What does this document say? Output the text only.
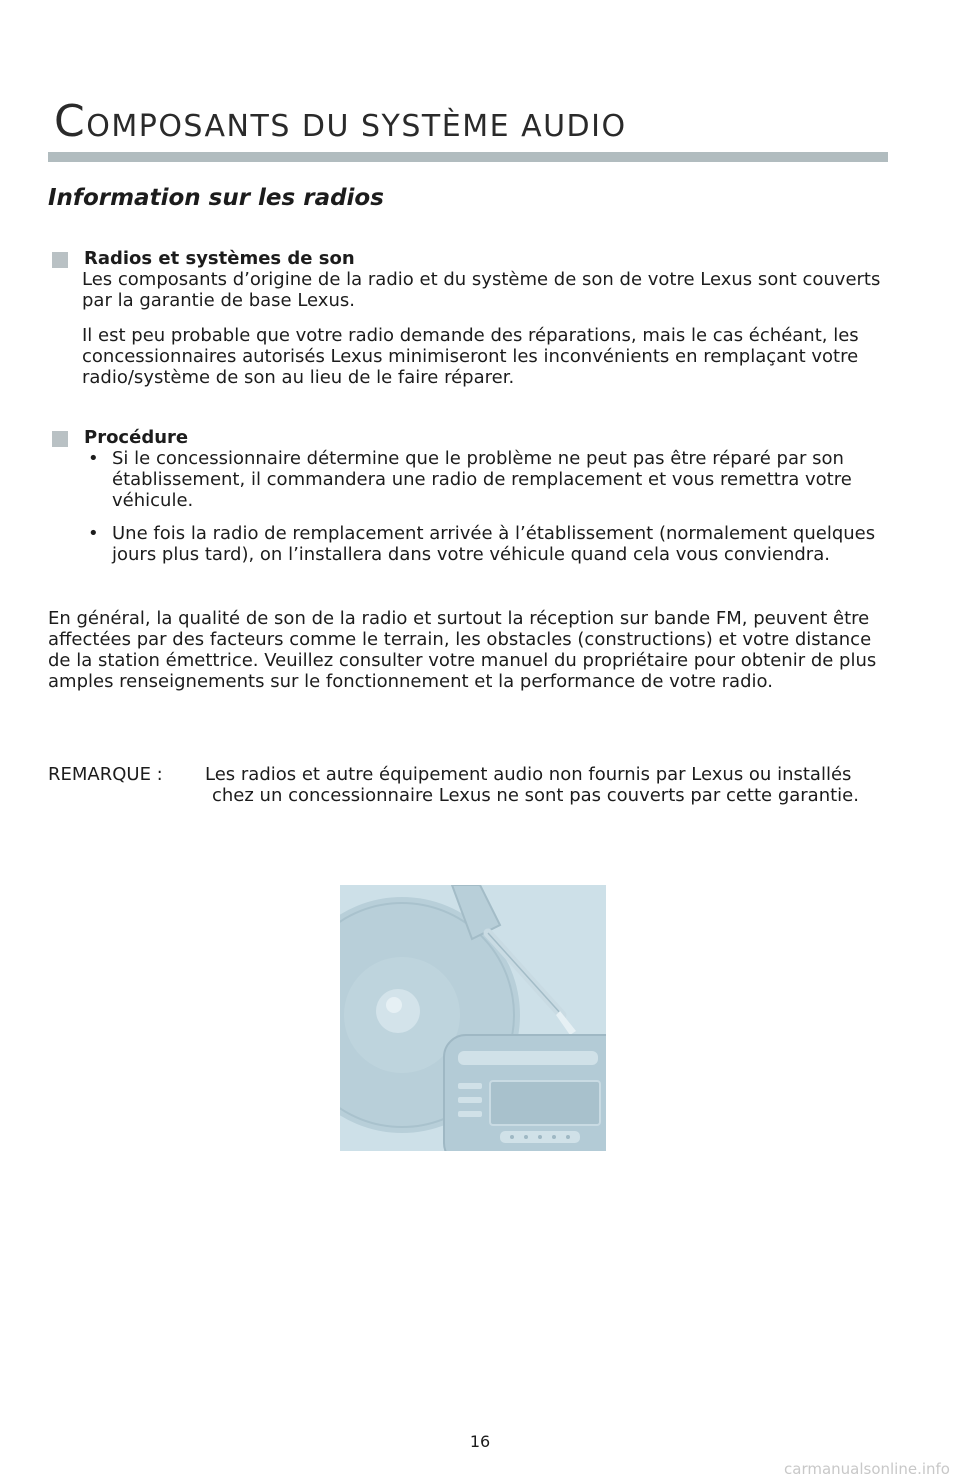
COMPOSANTS DU SYSTÈME AUDIO
Information sur les radios
Radios et systèmes de son

Les composants d’origine de la radio et du système de son de votre Lexus sont couverts par la garantie de base Lexus.

Il est peu probable que votre radio demande des réparations, mais le cas échéant, les concessionnaires autorisés Lexus minimiseront les inconvénients en remplaçant votre radio/système de son au lieu de le faire réparer.

Procédure
• Si le concessionnaire détermine que le problème ne peut pas être réparé par son établissement, il commandera une radio de remplacement et vous remettra votre véhicule.
• Une fois la radio de remplacement arrivée à l’établissement (normalement quelques jours plus tard), on l’installera dans votre véhicule quand cela vous conviendra.

En général, la qualité de son de la radio et surtout la réception sur bande FM, peuvent être affectées par des facteurs comme le terrain, les obstacles (constructions) et votre distance de la station émettrice. Veuillez consulter votre manuel du propriétaire pour obtenir de plus amples renseignements sur le fonctionnement et la performance de votre radio.

REMARQUE :	Les radios et autre équipement audio non fournis par Lexus ou installés chez un concessionnaire Lexus ne sont pas couverts par cette garantie.
16
carmanualsonline.info
